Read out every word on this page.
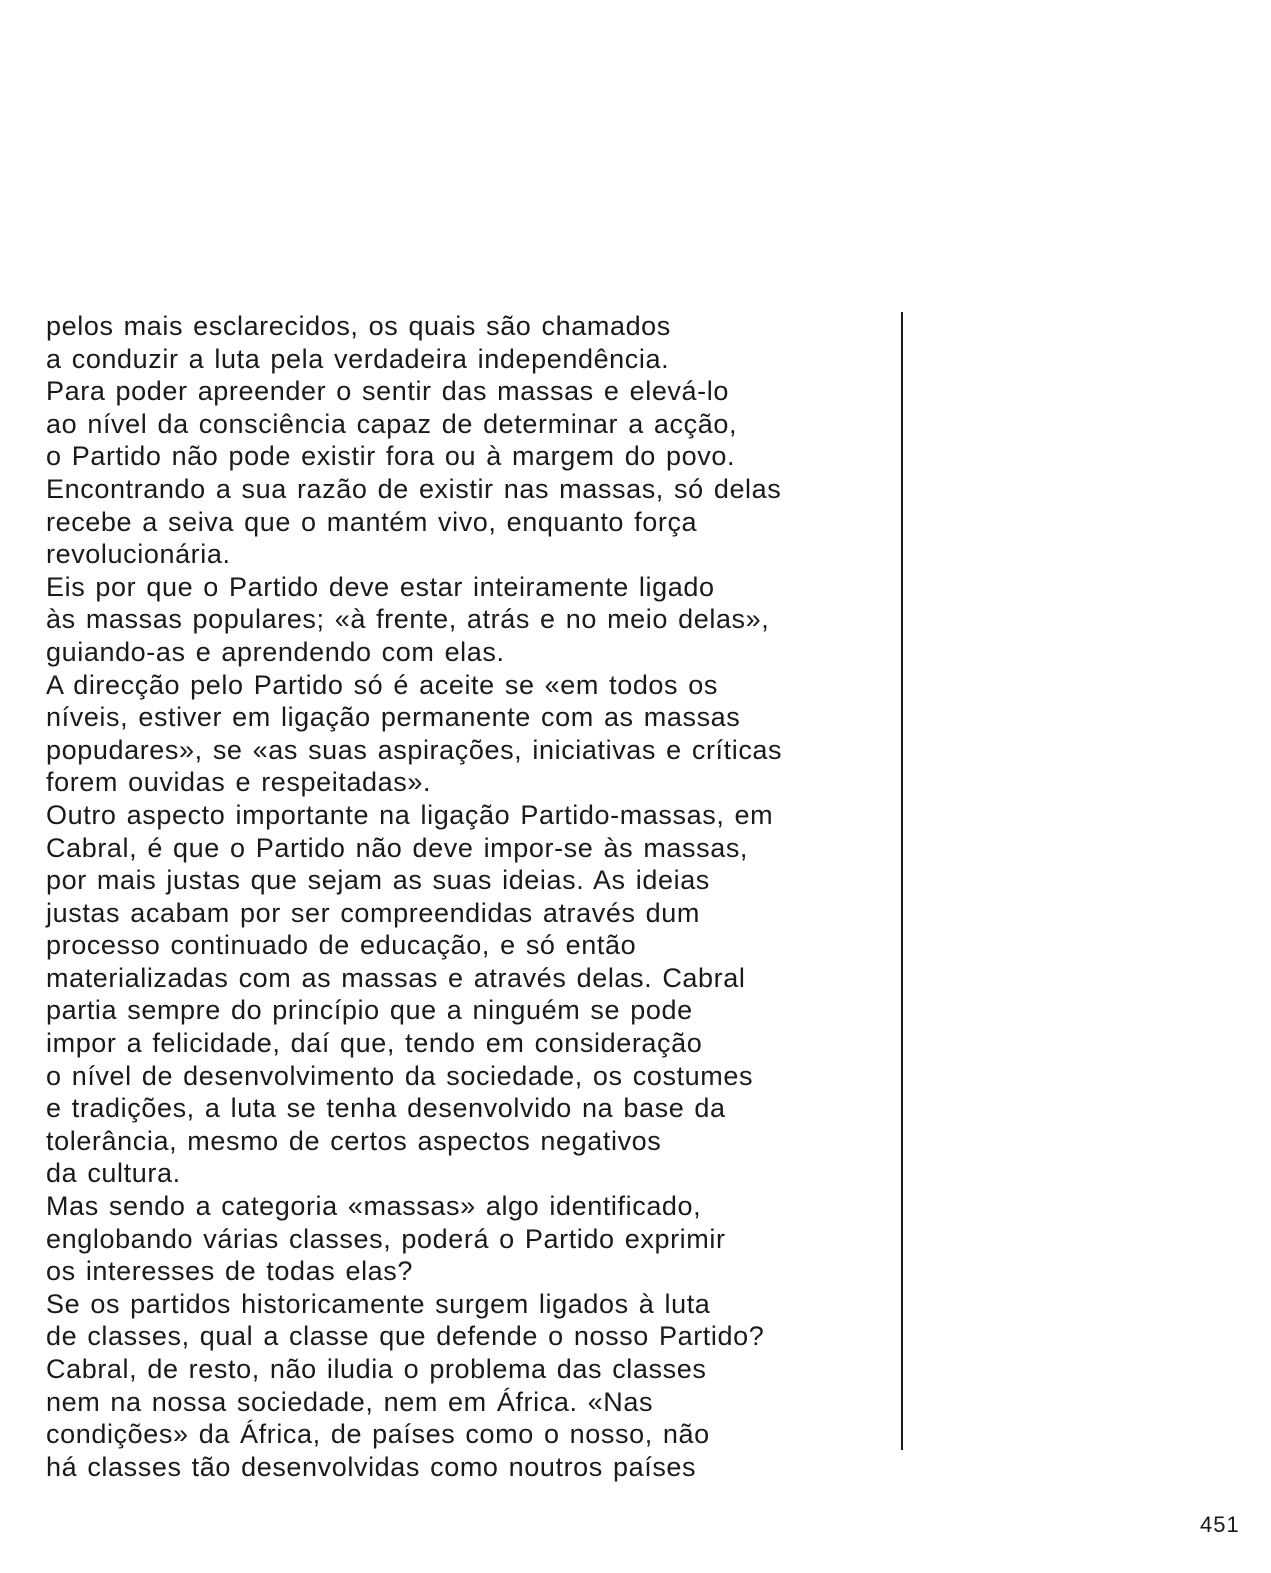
pelos mais esclarecidos, os quais são chamados
a conduzir a luta pela verdadeira independência.
Para poder apreender o sentir das massas e elevá-lo
ao nível da consciência capaz de determinar a acção,
o Partido não pode existir fora ou à margem do povo.
Encontrando a sua razão de existir nas massas, só delas
recebe a seiva que o mantém vivo, enquanto força
revolucionária.
Eis por que o Partido deve estar inteiramente ligado
às massas populares; «à frente, atrás e no meio delas»,
guiando-as e aprendendo com elas.
A direcção pelo Partido só é aceite se «em todos os
níveis, estiver em ligação permanente com as massas
popudares», se «as suas aspirações, iniciativas e críticas
forem ouvidas e respeitadas».
Outro aspecto importante na ligação Partido-massas, em
Cabral, é que o Partido não deve impor-se às massas,
por mais justas que sejam as suas ideias. As ideias
justas acabam por ser compreendidas através dum
processo continuado de educação, e só então
materializadas com as massas e através delas. Cabral
partia sempre do princípio que a ninguém se pode
impor a felicidade, daí que, tendo em consideração
o nível de desenvolvimento da sociedade, os costumes
e tradições, a luta se tenha desenvolvido na base da
tolerância, mesmo de certos aspectos negativos
da cultura.
Mas sendo a categoria «massas» algo identificado,
englobando várias classes, poderá o Partido exprimir
os interesses de todas elas?
Se os partidos historicamente surgem ligados à luta
de classes, qual a classe que defende o nosso Partido?
Cabral, de resto, não iludia o problema das classes
nem na nossa sociedade, nem em África. «Nas
condições» da África, de países como o nosso, não
há classes tão desenvolvidas como noutros países
451
